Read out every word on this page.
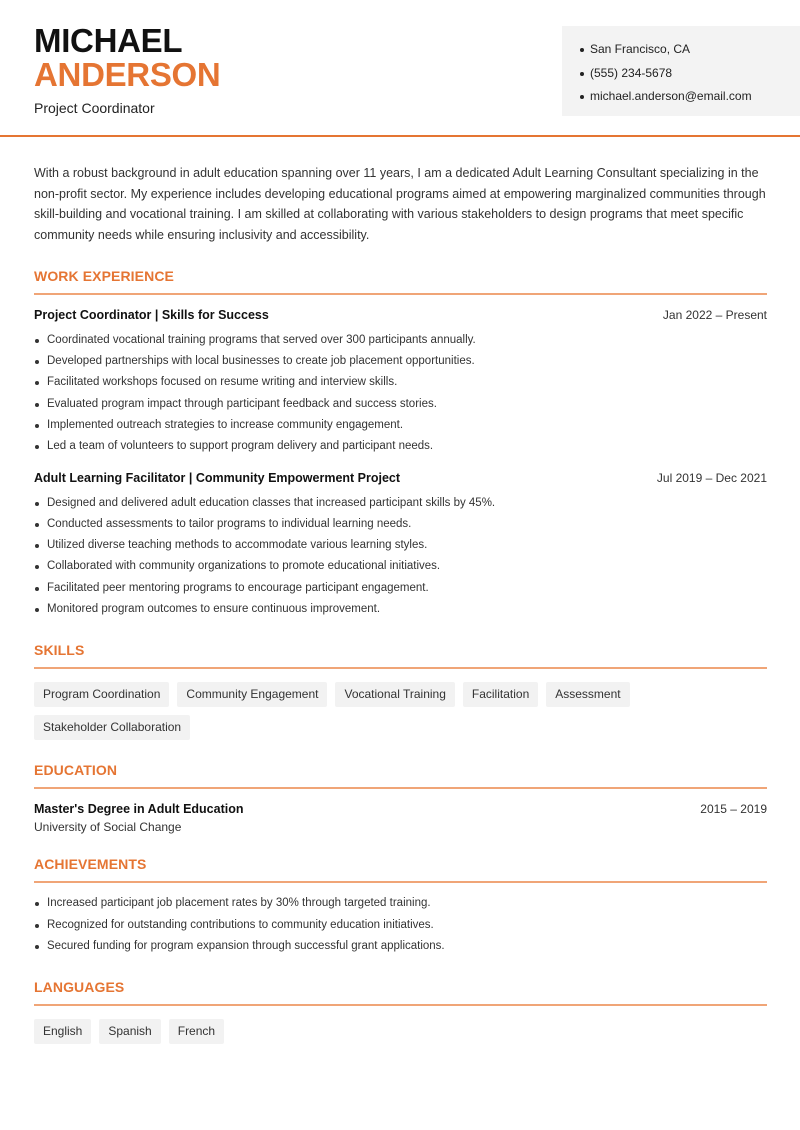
MICHAEL
ANDERSON
Project Coordinator
San Francisco, CA
(555) 234-5678
michael.anderson@email.com

With a robust background in adult education spanning over 11 years, I am a dedicated Adult Learning Consultant specializing in the non-profit sector. My experience includes developing educational programs aimed at empowering marginalized communities through skill-building and vocational training. I am skilled at collaborating with various stakeholders to design programs that meet specific community needs while ensuring inclusivity and accessibility.

WORK EXPERIENCE
Project Coordinator | Skills for Success	Jan 2022 – Present
Coordinated vocational training programs that served over 300 participants annually.
Developed partnerships with local businesses to create job placement opportunities.
Facilitated workshops focused on resume writing and interview skills.
Evaluated program impact through participant feedback and success stories.
Implemented outreach strategies to increase community engagement.
Led a team of volunteers to support program delivery and participant needs.
Adult Learning Facilitator | Community Empowerment Project	Jul 2019 – Dec 2021
Designed and delivered adult education classes that increased participant skills by 45%.
Conducted assessments to tailor programs to individual learning needs.
Utilized diverse teaching methods to accommodate various learning styles.
Collaborated with community organizations to promote educational initiatives.
Facilitated peer mentoring programs to encourage participant engagement.
Monitored program outcomes to ensure continuous improvement.
SKILLS
Program Coordination	Community Engagement	Vocational Training	Facilitation	Assessment
Stakeholder Collaboration
EDUCATION
Master's Degree in Adult Education	2015 – 2019
University of Social Change
ACHIEVEMENTS
Increased participant job placement rates by 30% through targeted training.
Recognized for outstanding contributions to community education initiatives.
Secured funding for program expansion through successful grant applications.
LANGUAGES
English	Spanish	French
